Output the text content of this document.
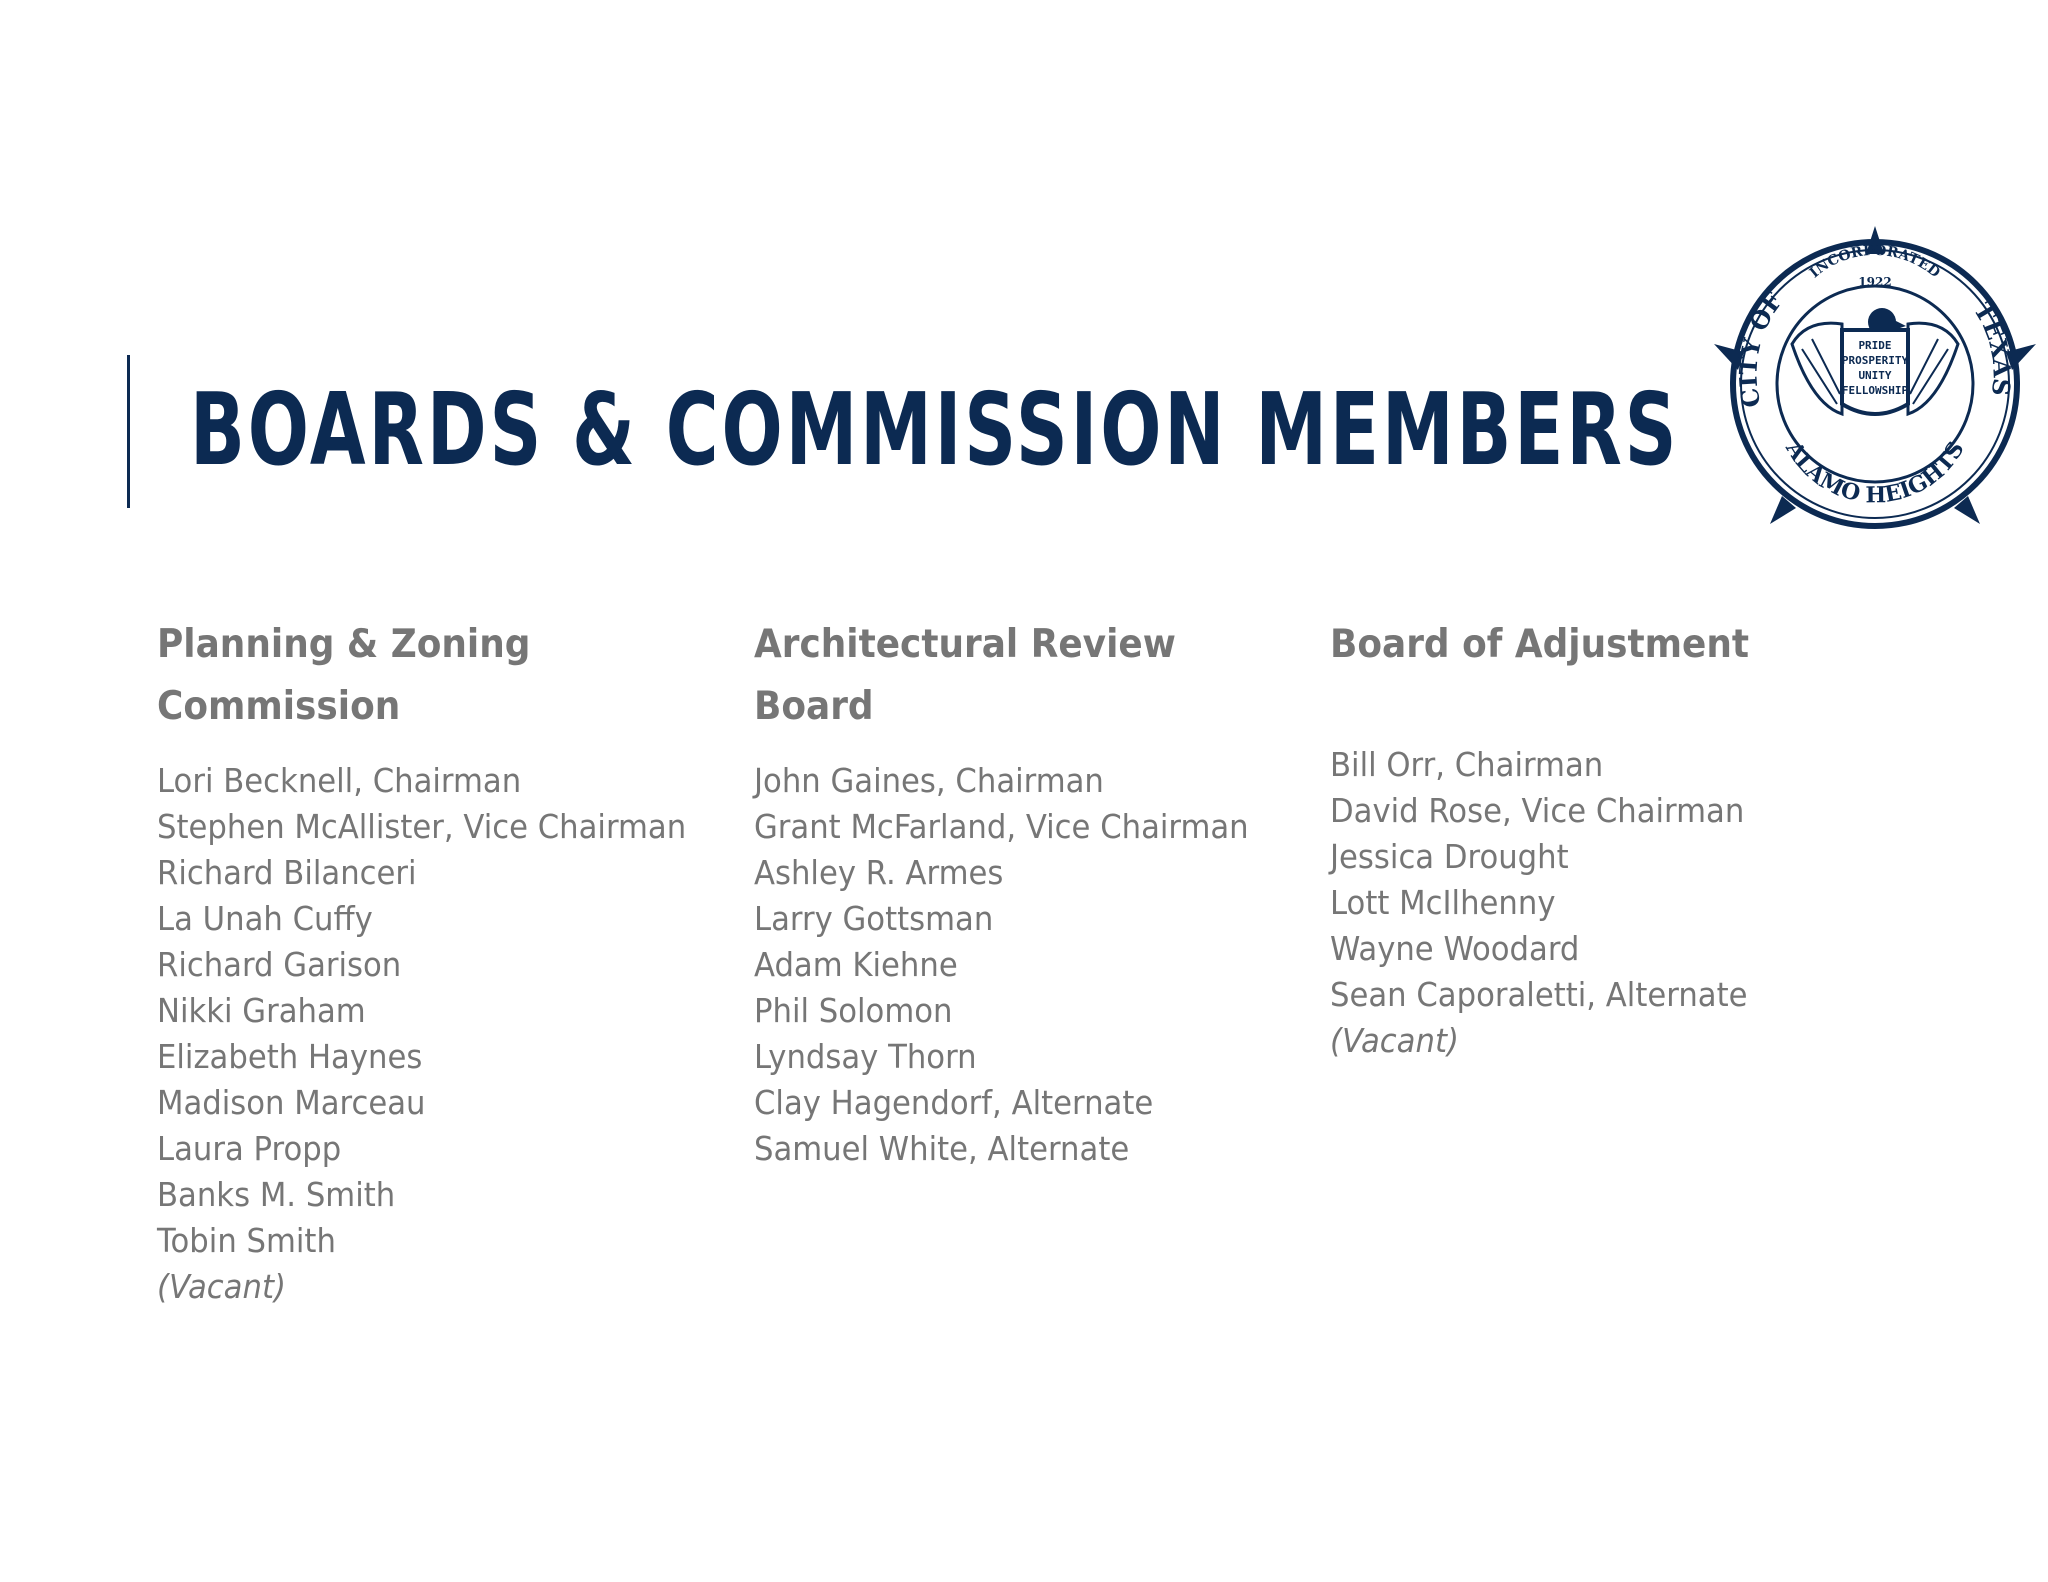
BOARDS & COMMISSION MEMBERS
INCORPORATED
1922
CITY OF	TEXAS
ALAMO HEIGHTS
PRIDE
PROSPERITY
UNITY
FELLOWSHIP
Planning & Zoning
Commission
Lori Becknell, Chairman
Stephen McAllister, Vice Chairman
Richard Bilanceri
La Unah Cuffy
Richard Garison
Nikki Graham
Elizabeth Haynes
Madison Marceau
Laura Propp
Banks M. Smith
Tobin Smith
(Vacant)
Architectural Review
Board
John Gaines, Chairman
Grant McFarland, Vice Chairman
Ashley R. Armes
Larry Gottsman
Adam Kiehne
Phil Solomon
Lyndsay Thorn
Clay Hagendorf, Alternate
Samuel White, Alternate
Board of Adjustment
Bill Orr, Chairman
David Rose, Vice Chairman
Jessica Drought
Lott McIlhenny
Wayne Woodard
Sean Caporaletti, Alternate
(Vacant)
